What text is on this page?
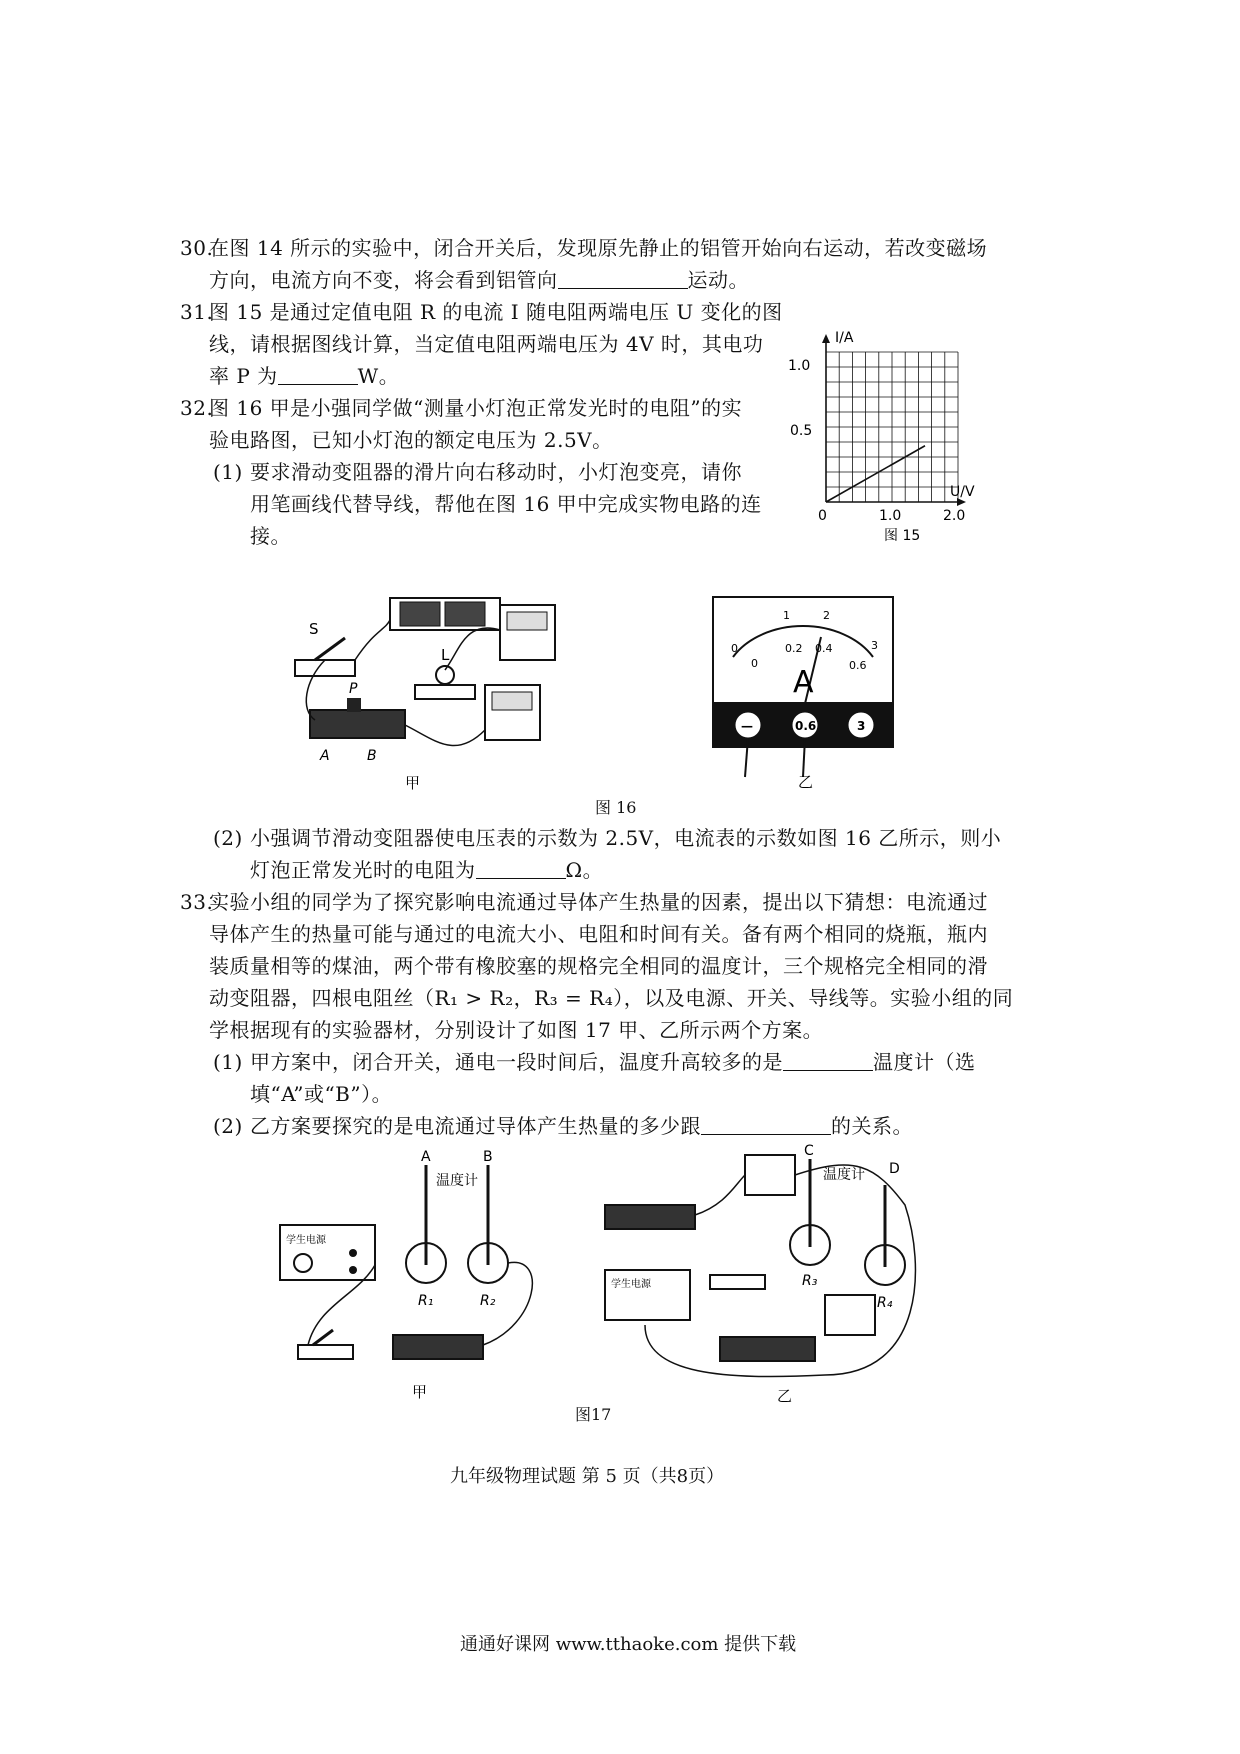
30.
在图 14 所示的实验中，闭合开关后，发现原先静止的铝管开始向右运动，若改变磁场
方向，电流方向不变，将会看到铝管向	运动。
31.
图 15 是通过定值电阻 R 的电流 I 随电阻两端电压 U 变化的图
线，请根据图线计算，当定值电阻两端电压为 4V 时，其电功
率 P 为	W。
32.
图 16 甲是小强同学做“测量小灯泡正常发光时的电阻”的实
验电路图，已知小灯泡的额定电压为 2.5V。
(1) 要求滑动变阻器的滑片向右移动时，小灯泡变亮，请你
用笔画线代替导线，帮他在图 16 甲中完成实物电路的连
接。
I/A
U/V
0
1.0
0.5
1.0	2.0
图 15
S
L
P
A	B
甲
0
1	2
3
0
0.2 0.4
0.6
A
—	0.6	3
乙
图 16
(2) 小强调节滑动变阻器使电压表的示数为 2.5V，电流表的示数如图 16 乙所示，则小
灯泡正常发光时的电阻为	Ω。
33.
实验小组的同学为了探究影响电流通过导体产生热量的因素，提出以下猜想：电流通过
导体产生的热量可能与通过的电流大小、电阻和时间有关。备有两个相同的烧瓶，瓶内
装质量相等的煤油，两个带有橡胶塞的规格完全相同的温度计，三个规格完全相同的滑
动变阻器，四根电阻丝（R₁ > R₂，R₃ = R₄），以及电源、开关、导线等。实验小组的同
学根据现有的实验器材，分别设计了如图 17 甲、乙所示两个方案。
(1) 甲方案中，闭合开关，通电一段时间后，温度升高较多的是	温度计（选
填“A”或“B”）。
(2) 乙方案要探究的是电流通过导体产生热量的多少跟	的关系。
学生电源
A	B
温度计
R₁	R₂
甲
C
D
温度计
R₃
R₄
学生电源
乙
图17
九年级物理试题 第 5 页（共8页）
通通好课网 www.tthaoke.com 提供下载
